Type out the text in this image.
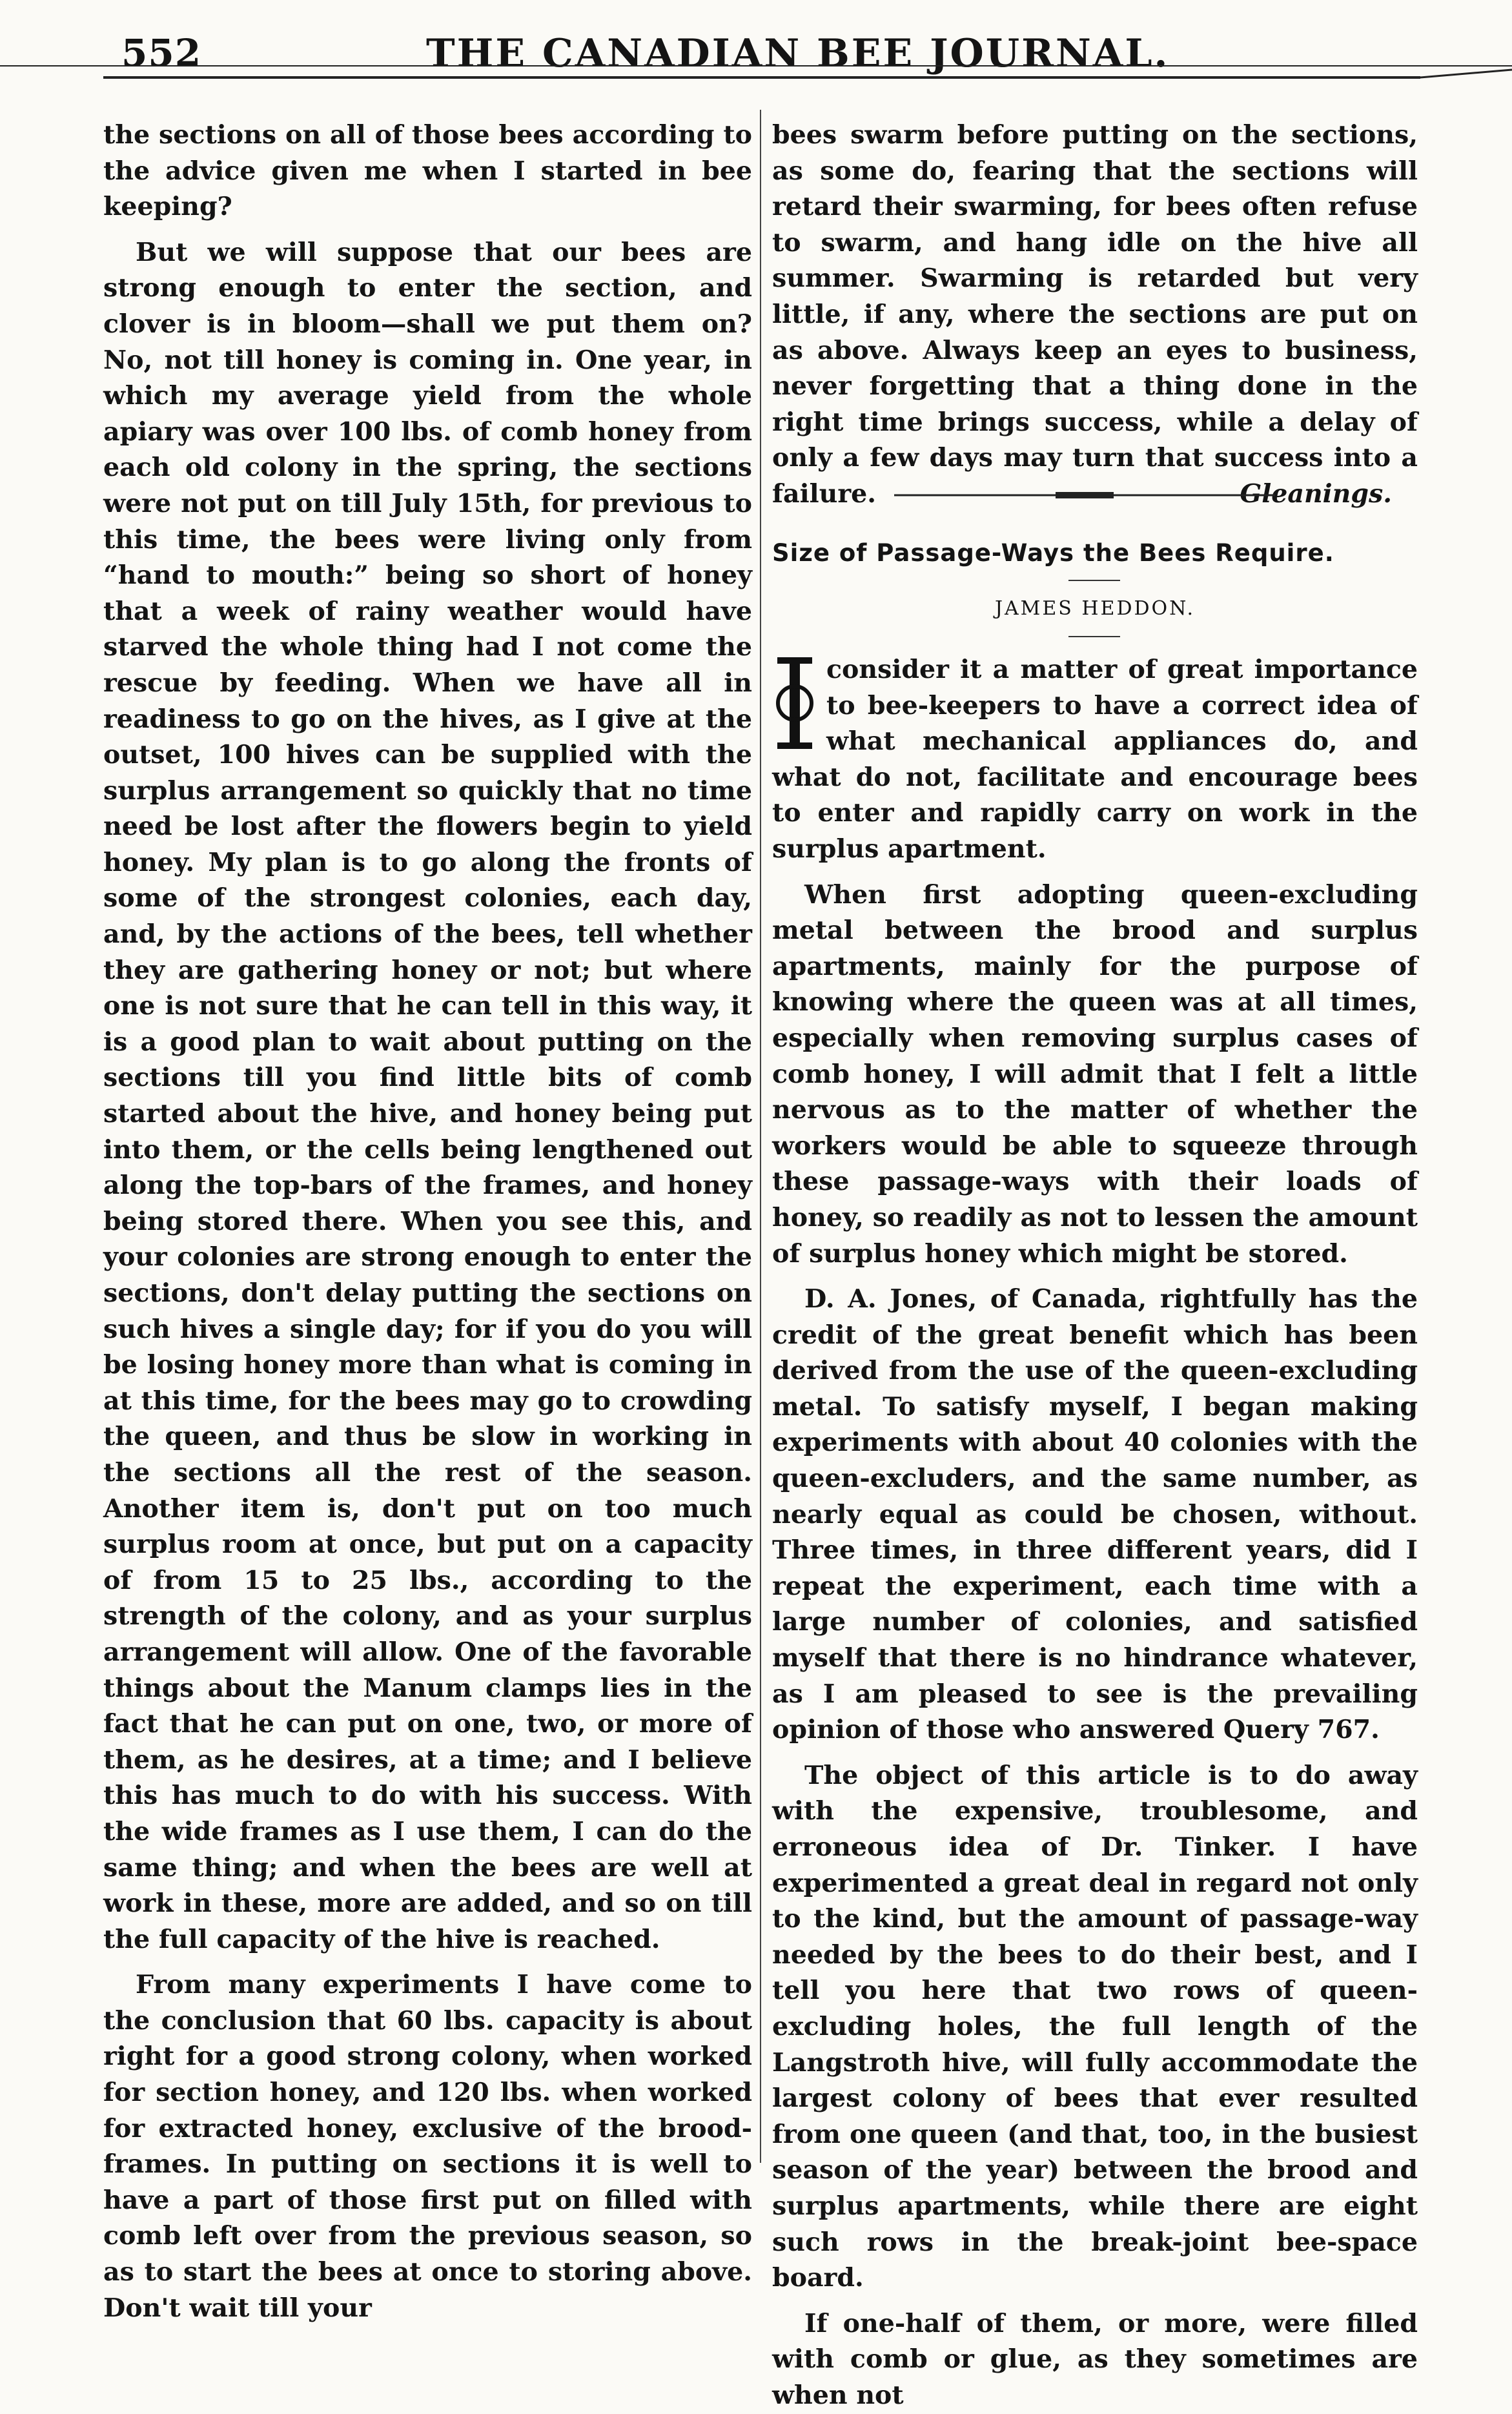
552	THE CANADIAN BEE JOURNAL.

the sections on all of those bees according to the advice given me when I started in bee keeping?

But we will suppose that our bees are strong enough to enter the section, and clover is in bloom—shall we put them on? No, not till honey is coming in. One year, in which my average yield from the whole apiary was over 100 lbs. of comb honey from each old colony in the spring, the sections were not put on till July 15th, for previous to this time, the bees were living only from “hand to mouth:” being so short of honey that a week of rainy weather would have starved the whole thing had I not come the rescue by feeding. When we have all in readiness to go on the hives, as I give at the outset, 100 hives can be supplied with the surplus arrangement so quickly that no time need be lost after the flowers begin to yield honey. My plan is to go along the fronts of some of the strongest colonies, each day, and, by the actions of the bees, tell whether they are gathering honey or not; but where one is not sure that he can tell in this way, it is a good plan to wait about putting on the sections till you find little bits of comb started about the hive, and honey being put into them, or the cells being lengthened out along the top-bars of the frames, and honey being stored there. When you see this, and your colonies are strong enough to enter the sections, don't delay putting the sections on such hives a single day; for if you do you will be losing honey more than what is coming in at this time, for the bees may go to crowding the queen, and thus be slow in working in the sections all the rest of the season. Another item is, don't put on too much surplus room at once, but put on a capacity of from 15 to 25 lbs., according to the strength of the colony, and as your surplus arrangement will allow. One of the favorable things about the Manum clamps lies in the fact that he can put on one, two, or more of them, as he desires, at a time; and I believe this has much to do with his success. With the wide frames as I use them, I can do the same thing; and when the bees are well at work in these, more are added, and so on till the full capacity of the hive is reached.

From many experiments I have come to the conclusion that 60 lbs. capacity is about right for a good strong colony, when worked for section honey, and 120 lbs. when worked for extracted honey, exclusive of the brood-frames. In putting on sections it is well to have a part of those first put on filled with comb left over from the previous season, so as to start the bees at once to storing above. Don't wait till your

bees swarm before putting on the sections, as some do, fearing that the sections will retard their swarming, for bees often refuse to swarm, and hang idle on the hive all summer. Swarming is retarded but very little, if any, where the sections are put on as above. Always keep an eyes to business, never forgetting that a thing done in the right time brings success, while a delay of only a few days may turn that success into a failure.	Gleanings.

Size of Passage-Ways the Bees Require.
JAMES HEDDON.
I

consider it a matter of great importance to bee-keepers to have a correct idea of what mechanical appliances do, and what do not, facilitate and encourage bees to enter and rapidly carry on work in the surplus apartment.

When first adopting queen-excluding metal between the brood and surplus apartments, mainly for the purpose of knowing where the queen was at all times, especially when removing surplus cases of comb honey, I will admit that I felt a little nervous as to the matter of whether the workers would be able to squeeze through these passage-ways with their loads of honey, so readily as not to lessen the amount of surplus honey which might be stored.

D. A. Jones, of Canada, rightfully has the credit of the great benefit which has been derived from the use of the queen-excluding metal. To satisfy myself, I began making experiments with about 40 colonies with the queen-excluders, and the same number, as nearly equal as could be chosen, without. Three times, in three different years, did I repeat the experiment, each time with a large number of colonies, and satisfied myself that there is no hindrance whatever, as I am pleased to see is the prevailing opinion of those who answered Query 767.

The object of this article is to do away with the expensive, troublesome, and erroneous idea of Dr. Tinker. I have experimented a great deal in regard not only to the kind, but the amount of passage-way needed by the bees to do their best, and I tell you here that two rows of queen-excluding holes, the full length of the Langstroth hive, will fully accommodate the largest colony of bees that ever resulted from one queen (and that, too, in the busiest season of the year) between the brood and surplus apartments, while there are eight such rows in the break-joint bee-space board.

If one-half of them, or more, were filled with comb or glue, as they sometimes are when not
